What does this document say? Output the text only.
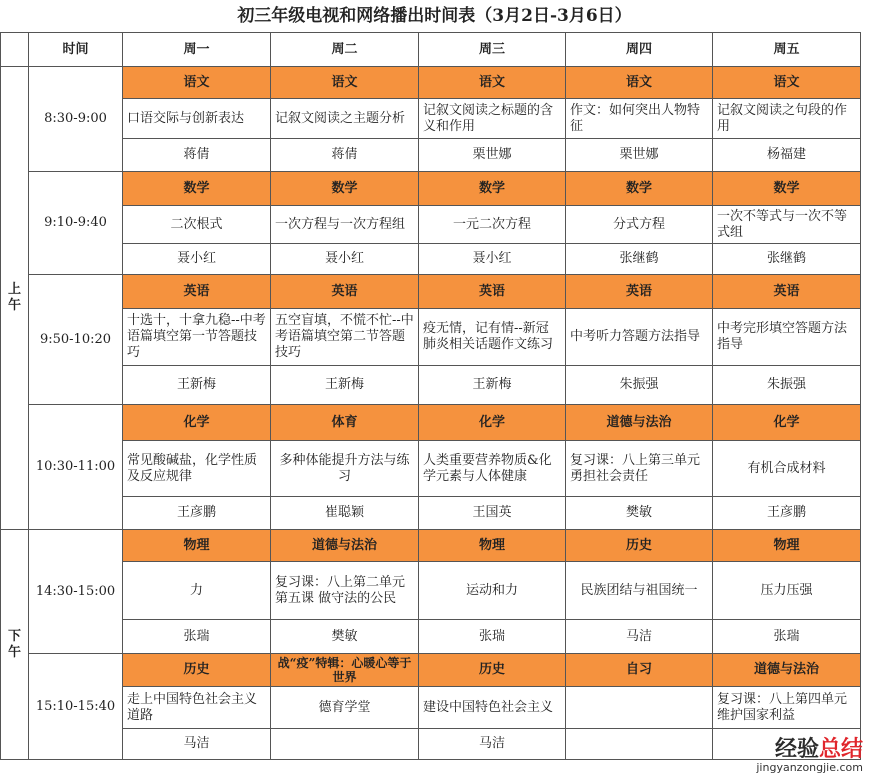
初三年级电视和网络播出时间表（3月2日-3月6日）
	时间	周一	周二	周三	周四	周五

上
午	8:30-9:00	语文	语文	语文	语文	语文
		口语交际与创新表达	记叙文阅读之主题分析	记叙文阅读之标题的含义和作用	作文：如何突出人物特征	记叙文阅读之句段的作用
		蒋倩	蒋倩	栗世娜	栗世娜	杨福建
	9:10-9:40	数学	数学	数学	数学	数学
		二次根式	一次方程与一次方程组	一元二次方程	分式方程	一次不等式与一次不等式组
		聂小红	聂小红	聂小红	张继鹤	张继鹤
	9:50-10:20	英语	英语	英语	英语	英语
		十选十，十拿九稳--中考语篇填空第一节答题技巧	五空盲填，不慌不忙--中考语篇填空第二节答题技巧	疫无情，记有情--新冠肺炎相关话题作文练习	中考听力答题方法指导	中考完形填空答题方法指导
		王新梅	王新梅	王新梅	朱振强	朱振强
	10:30-11:00	化学	体育	化学	道德与法治	化学
		常见酸碱盐，化学性质及反应规律	多种体能提升方法与练习	人类重要营养物质&化学元素与人体健康	复习课：八上第三单元 勇担社会责任	有机合成材料
		王彦鹏	崔聪颖	王国英	樊敏	王彦鹏

下
午	14:30-15:00	物理	道德与法治	物理	历史	物理
		力	复习课：八上第二单元第五课 做守法的公民	运动和力	民族团结与祖国统一	压力压强
		张瑞	樊敏	张瑞	马洁	张瑞
	15:10-15:40	历史	战“疫”特辑：心暖心等于世界	历史	自习	道德与法治
		走上中国特色社会主义道路	德育学堂	建设中国特色社会主义		复习课：八上第四单元 维护国家利益
		马洁		马洁			经验总结
jingyanzongjie.com
